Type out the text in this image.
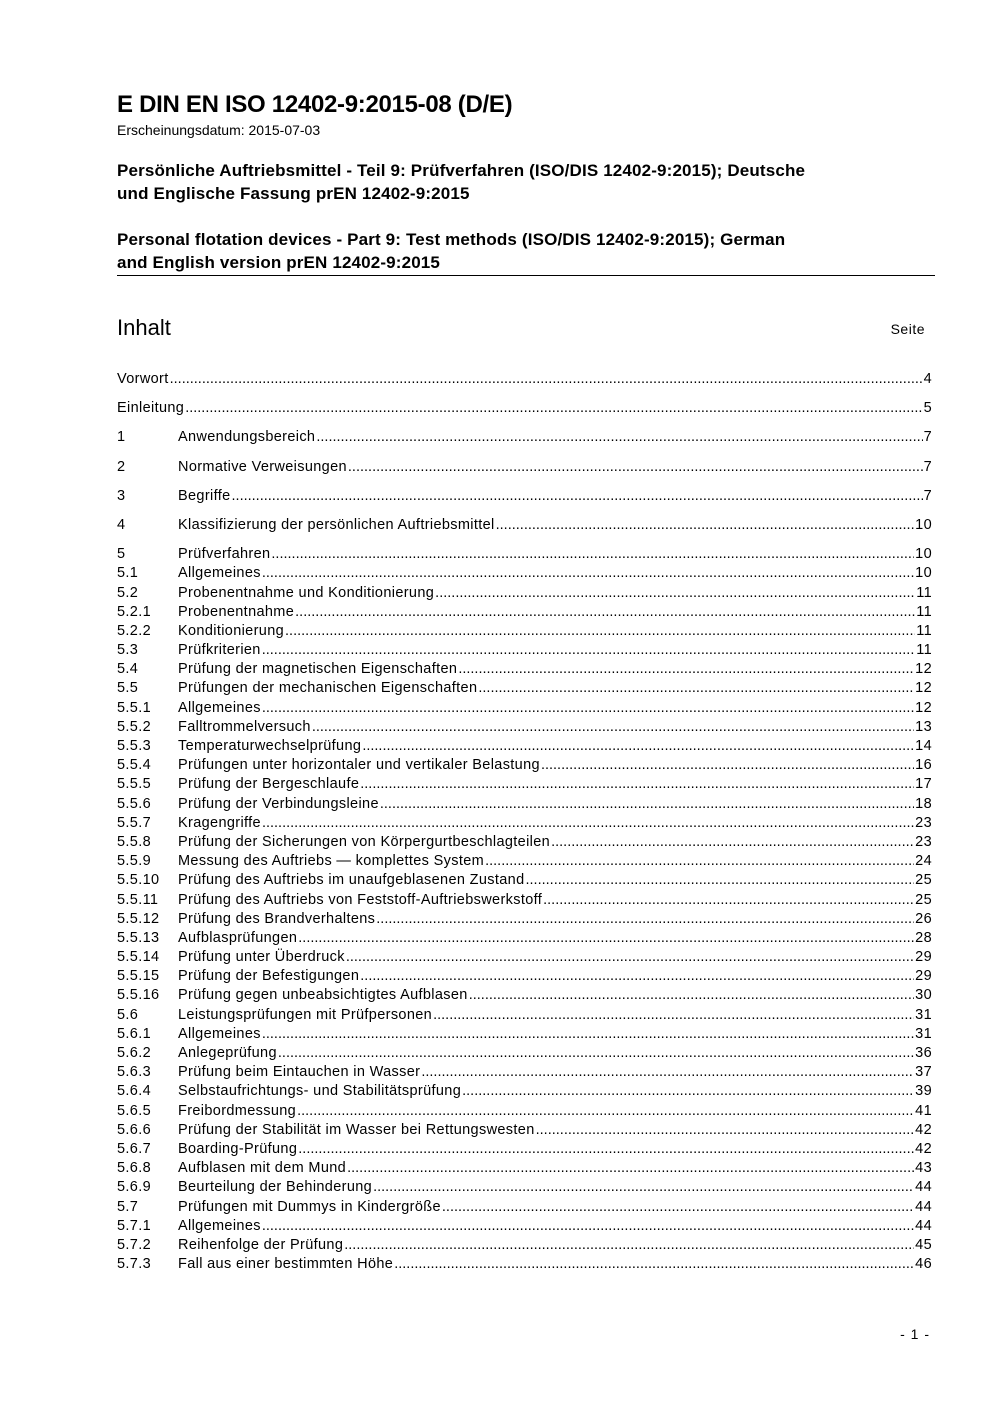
E DIN EN ISO 12402-9:2015-08 (D/E)
Erscheinungsdatum: 2015-07-03
Persönliche Auftriebsmittel - Teil 9: Prüfverfahren (ISO/DIS 12402-9:2015); Deutsche
und Englische Fassung prEN 12402-9:2015
Personal flotation devices - Part 9: Test methods (ISO/DIS 12402-9:2015); German
and English version prEN 12402-9:2015
Inhalt	Seite
Vorwort .....	4
Einleitung .....	5
1	Anwendungsbereich .....	7
2	Normative Verweisungen .....	7
3	Begriffe .....	7
4	Klassifizierung der persönlichen Auftriebsmittel .....	10
5	Prüfverfahren .....	10
5.1	Allgemeines .....	10
5.2	Probenentnahme und Konditionierung .....	11
5.2.1	Probenentnahme .....	11
5.2.2	Konditionierung .....	11
5.3	Prüfkriterien .....	11
5.4	Prüfung der magnetischen Eigenschaften .....	12
5.5	Prüfungen der mechanischen Eigenschaften .....	12
5.5.1	Allgemeines .....	12
5.5.2	Falltrommelversuch .....	13
5.5.3	Temperaturwechselprüfung .....	14
5.5.4	Prüfungen unter horizontaler und vertikaler Belastung .....	16
5.5.5	Prüfung der Bergeschlaufe .....	17
5.5.6	Prüfung der Verbindungsleine .....	18
5.5.7	Kragengriffe .....	23
5.5.8	Prüfung der Sicherungen von Körpergurtbeschlagteilen .....	23
5.5.9	Messung des Auftriebs — komplettes System .....	24
5.5.10	Prüfung des Auftriebs im unaufgeblasenen Zustand .....	25
5.5.11	Prüfung des Auftriebs von Feststoff-Auftriebswerkstoff .....	25
5.5.12	Prüfung des Brandverhaltens .....	26
5.5.13	Aufblasprüfungen .....	28
5.5.14	Prüfung unter Überdruck .....	29
5.5.15	Prüfung der Befestigungen .....	29
5.5.16	Prüfung gegen unbeabsichtigtes Aufblasen .....	30
5.6	Leistungsprüfungen mit Prüfpersonen .....	31
5.6.1	Allgemeines .....	31
5.6.2	Anlegeprüfung .....	36
5.6.3	Prüfung beim Eintauchen in Wasser .....	37
5.6.4	Selbstaufrichtungs- und Stabilitätsprüfung .....	39
5.6.5	Freibordmessung .....	41
5.6.6	Prüfung der Stabilität im Wasser bei Rettungswesten .....	42
5.6.7	Boarding-Prüfung .....	42
5.6.8	Aufblasen mit dem Mund .....	43
5.6.9	Beurteilung der Behinderung .....	44
5.7	Prüfungen mit Dummys in Kindergröße .....	44
5.7.1	Allgemeines .....	44
5.7.2	Reihenfolge der Prüfung .....	45
5.7.3	Fall aus einer bestimmten Höhe .....	46
- 1 -
